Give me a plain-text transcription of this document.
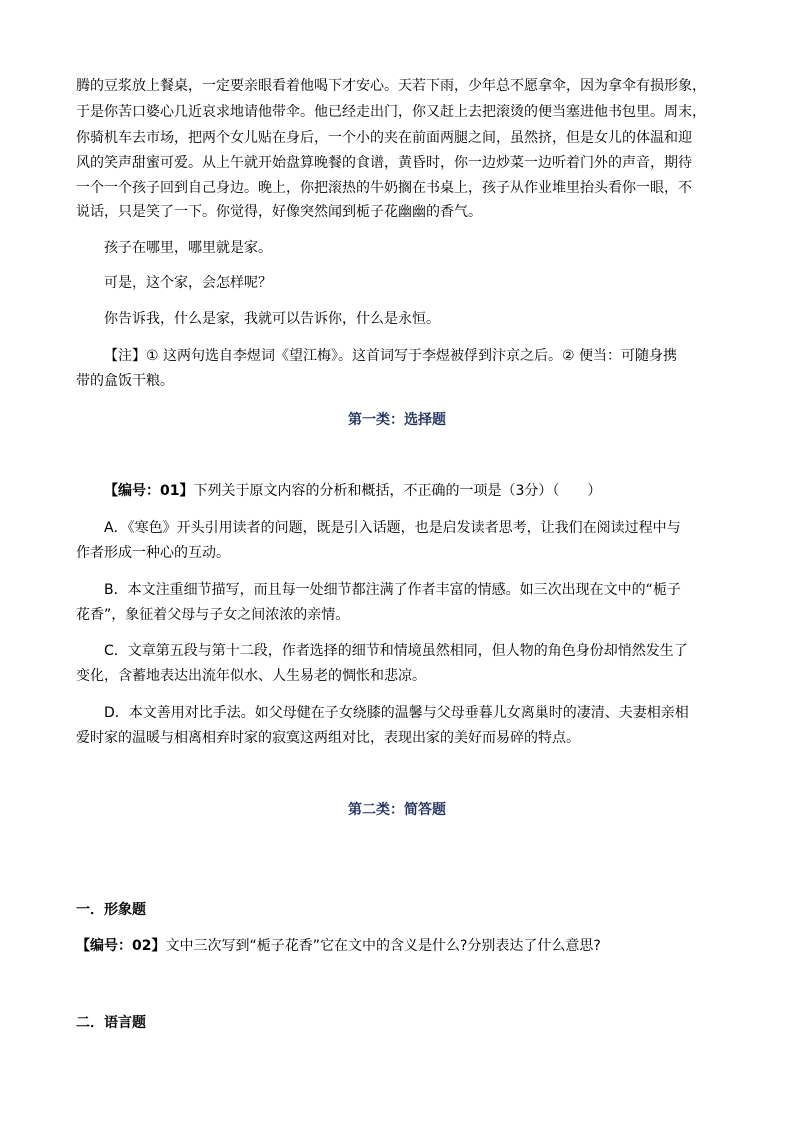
腾的豆浆放上餐桌，一定要亲眼看着他喝下才安心。天若下雨，少年总不愿拿伞，因为拿伞有损形象，
于是你苦口婆心几近哀求地请他带伞。他已经走出门，你又赶上去把滚烫的便当塞进他书包里。周末，
你骑机车去市场，把两个女儿贴在身后，一个小的夹在前面两腿之间，虽然挤，但是女儿的体温和迎
风的笑声甜蜜可爱。从上午就开始盘算晚餐的食谱，黄昏时，你一边炒菜一边听着门外的声音，期待
一个一个孩子回到自己身边。晚上，你把滚热的牛奶搁在书桌上，孩子从作业堆里抬头看你一眼，不
说话，只是笑了一下。你觉得，好像突然闻到栀子花幽幽的香气。
孩子在哪里，哪里就是家。
可是，这个家，会怎样呢？
你告诉我，什么是家，我就可以告诉你，什么是永恒。
【注】① 这两句选自李煜词《望江梅》。这首词写于李煜被俘到汴京之后。② 便当：可随身携
带的盒饭干粮。
第一类：选择题
【编号：01】下列关于原文内容的分析和概括，不正确的一项是（3分）（　　）
A．《寒色》开头引用读者的问题，既是引入话题，也是启发读者思考，让我们在阅读过程中与
作者形成一种心的互动。
B．本文注重细节描写，而且每一处细节都注满了作者丰富的情感。如三次出现在文中的“栀子
花香”，象征着父母与子女之间浓浓的亲情。
C．文章第五段与第十二段，作者选择的细节和情境虽然相同，但人物的角色身份却悄然发生了
变化，含蓄地表达出流年似水、人生易老的惆怅和悲凉。
D．本文善用对比手法。如父母健在子女绕膝的温馨与父母垂暮儿女离巢时的凄清、夫妻相亲相
爱时家的温暖与相离相弃时家的寂寞这两组对比，表现出家的美好而易碎的特点。
第二类：简答题
一．形象题
【编号：02】文中三次写到“栀子花香”它在文中的含义是什么?分别表达了什么意思?
二．语言题
